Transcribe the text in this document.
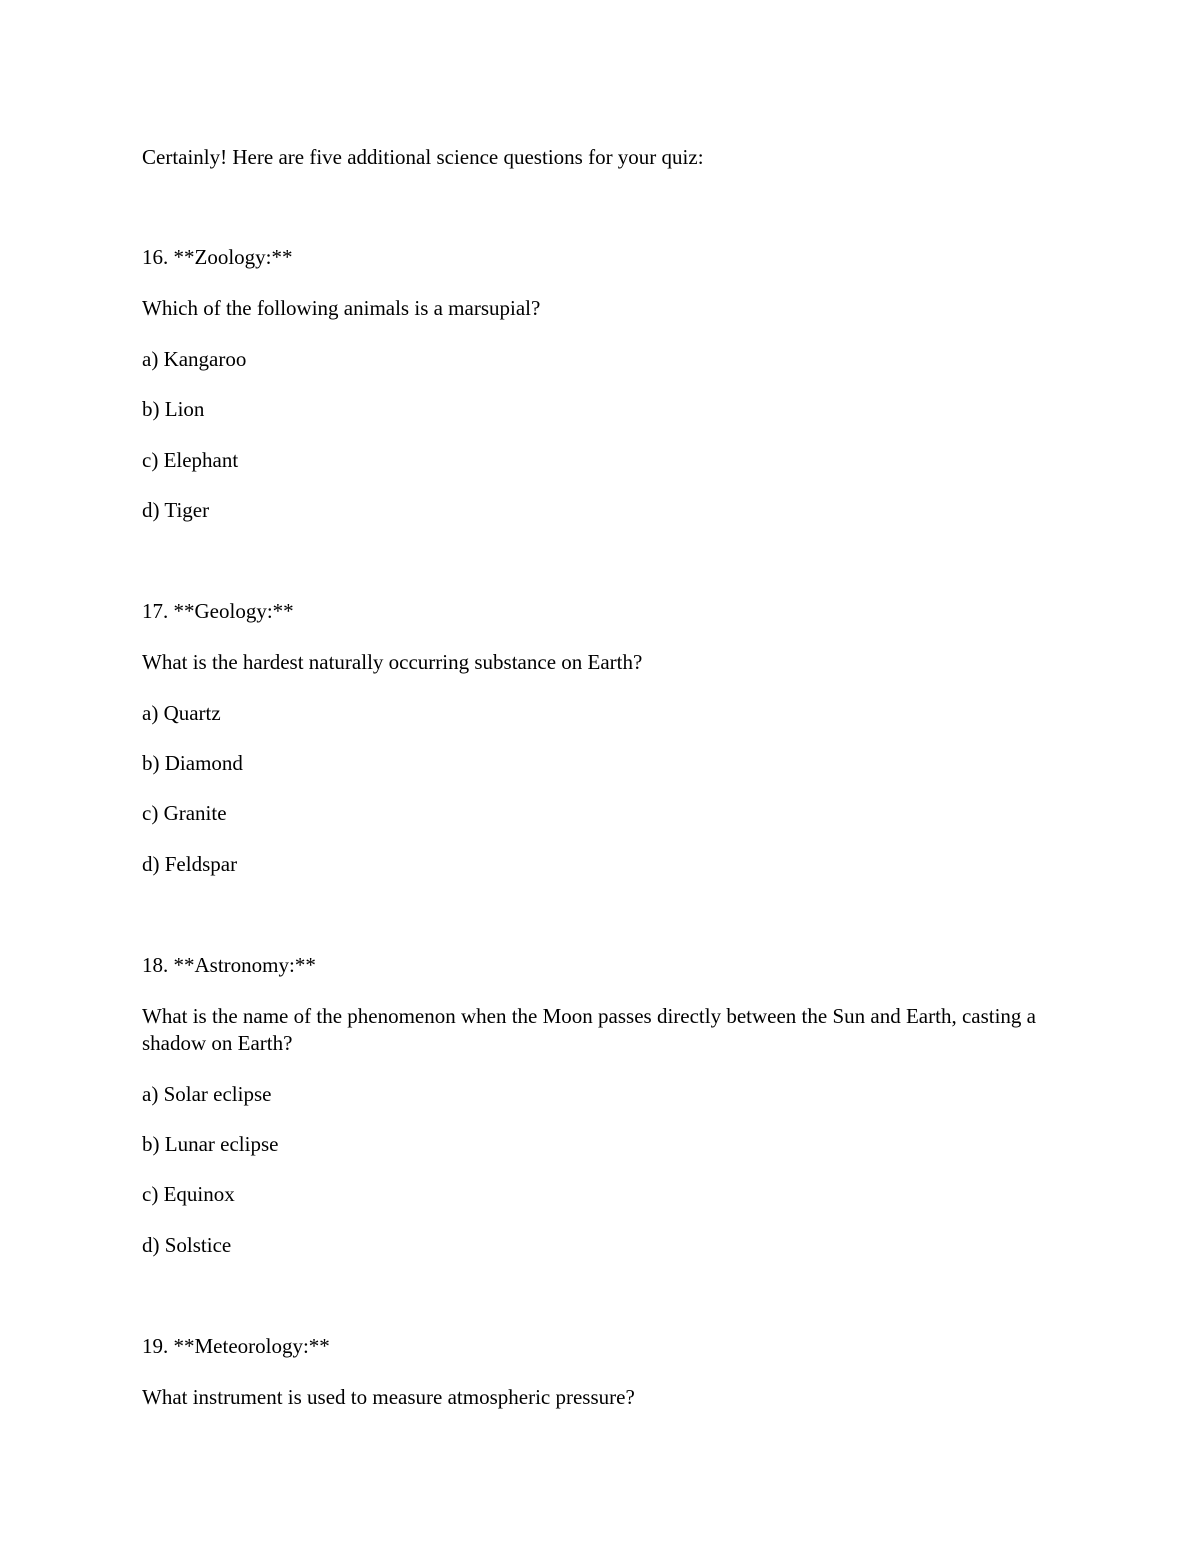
Certainly! Here are five additional science questions for your quiz:
16. **Zoology:**
Which of the following animals is a marsupial?
a) Kangaroo
b) Lion
c) Elephant
d) Tiger
17. **Geology:**
What is the hardest naturally occurring substance on Earth?
a) Quartz
b) Diamond
c) Granite
d) Feldspar
18. **Astronomy:**
What is the name of the phenomenon when the Moon passes directly between the Sun and Earth, casting a shadow on Earth?
a) Solar eclipse
b) Lunar eclipse
c) Equinox
d) Solstice
19. **Meteorology:**
What instrument is used to measure atmospheric pressure?
